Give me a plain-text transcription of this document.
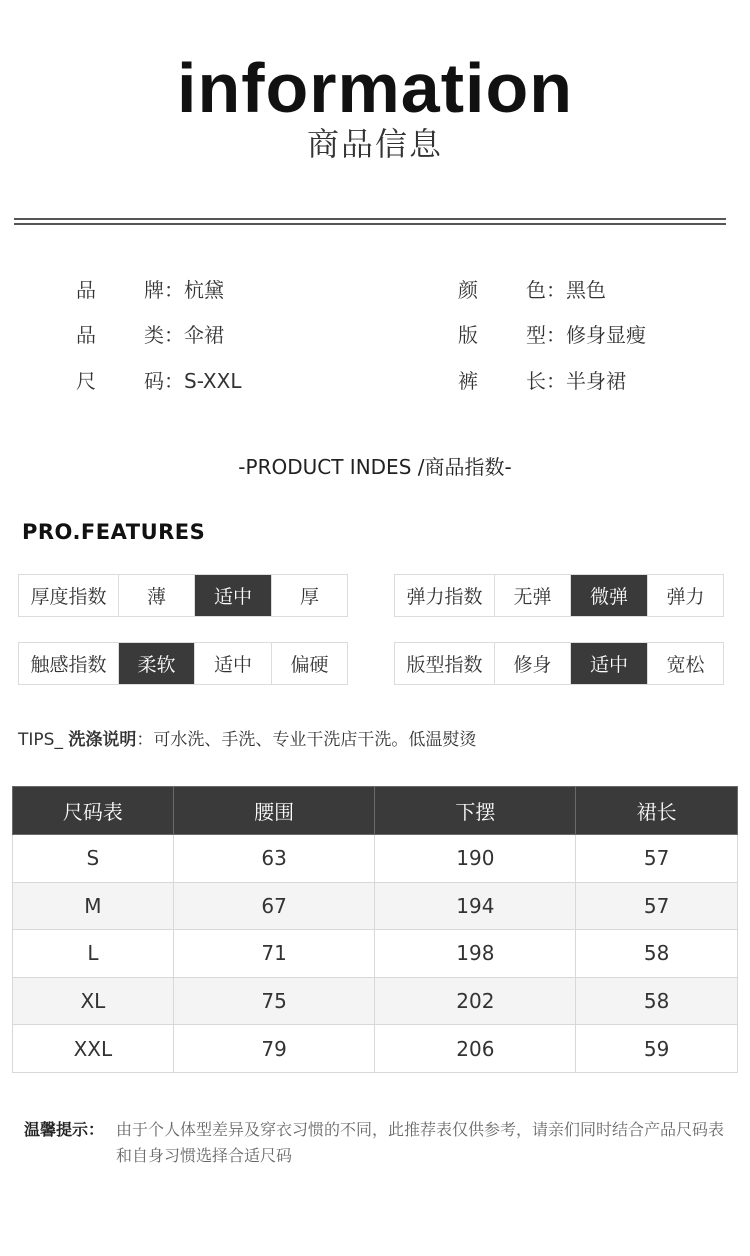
information
商品信息
品牌：杭黛
品类：伞裙
尺码：S-XXL
颜色：黑色
版型：修身显瘦
裤长：半身裙
-PRODUCT INDES /商品指数-
PRO.FEATURES
厚度指数	薄	适中	厚	弹力指数	无弹	微弹	弹力
触感指数	柔软	适中	偏硬	版型指数	修身	适中	宽松
TIPS_ 洗涤说明：可水洗、手洗、专业干洗店干洗。低温熨烫
尺码表	腰围	下摆	裙长
S	63	190	57
M	67	194	57
L	71	198	58
XL	75	202	58
XXL	79	206	59
温馨提示： 由于个人体型差异及穿衣习惯的不同，此推荐表仅供参考，请亲们同时结合产品尺码表和自身习惯选择合适尺码
